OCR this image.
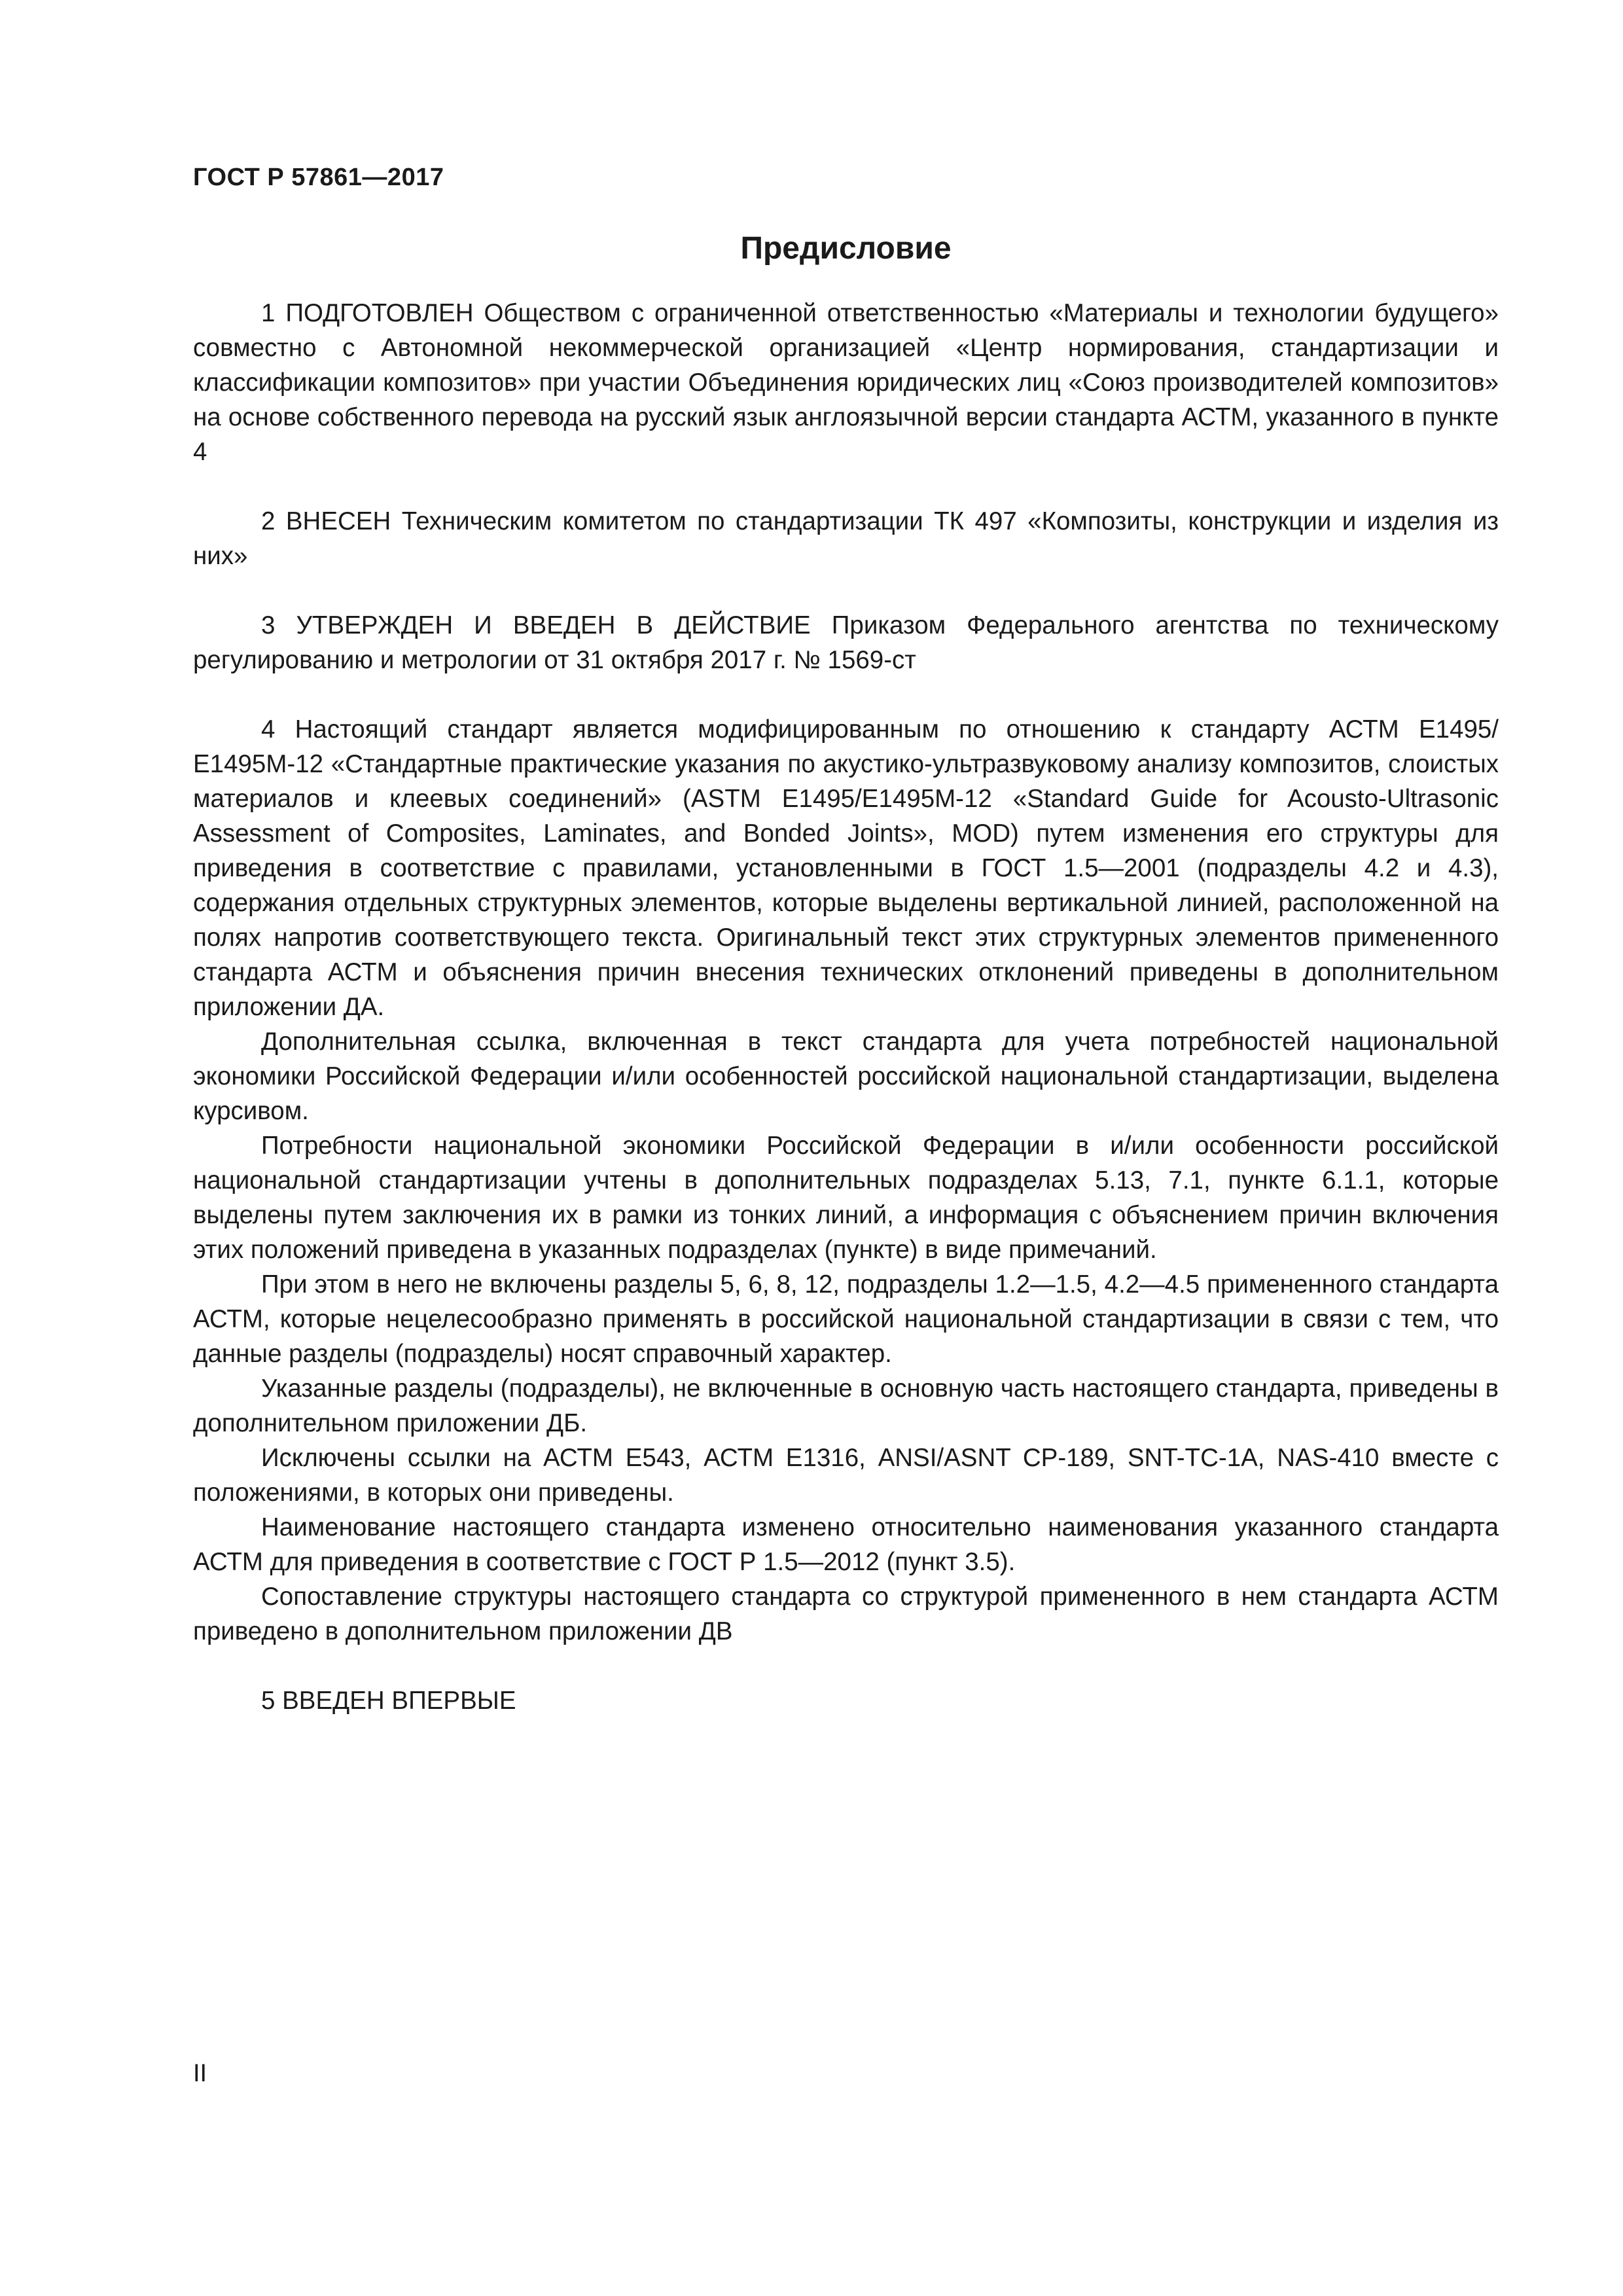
ГОСТ Р 57861—2017
Предисловие

1 ПОДГОТОВЛЕН Обществом с ограниченной ответственностью «Материалы и технологии будущего» совместно с Автономной некоммерческой организацией «Центр нормирования, стандартизации и классификации композитов» при участии Объединения юридических лиц «Союз производителей композитов» на основе собственного перевода на русский язык англоязычной версии стандарта АСТМ, указанного в пункте 4

2 ВНЕСЕН Техническим комитетом по стандартизации ТК 497 «Композиты, конструкции и изделия из них»

3 УТВЕРЖДЕН И ВВЕДЕН В ДЕЙСТВИЕ Приказом Федерального агентства по техническому регулированию и метрологии от 31 октября 2017 г. № 1569-ст

4 Настоящий стандарт является модифицированным по отношению к стандарту АСТМ Е1495/Е1495М-12 «Стандартные практические указания по акустико-ультразвуковому анализу композитов, слоистых материалов и клеевых соединений» (ASTM E1495/E1495M-12 «Standard Guide for Acousto-Ultrasonic Assessment of Composites, Laminates, and Bonded Joints», MOD) путем изменения его структуры для приведения в соответствие с правилами, установленными в ГОСТ 1.5—2001 (подразделы 4.2 и 4.3), содержания отдельных структурных элементов, которые выделены вертикальной линией, расположенной на полях напротив соответствующего текста. Оригинальный текст этих структурных элементов примененного стандарта АСТМ и объяснения причин внесения технических отклонений приведены в дополнительном приложении ДА.

Дополнительная ссылка, включенная в текст стандарта для учета потребностей национальной экономики Российской Федерации и/или особенностей российской национальной стандартизации, выделена курсивом.

Потребности национальной экономики Российской Федерации в и/или особенности российской национальной стандартизации учтены в дополнительных подразделах 5.13, 7.1, пункте 6.1.1, которые выделены путем заключения их в рамки из тонких линий, а информация с объяснением причин включения этих положений приведена в указанных подразделах (пункте) в виде примечаний.

При этом в него не включены разделы 5, 6, 8, 12, подразделы 1.2—1.5, 4.2—4.5 примененного стандарта АСТМ, которые нецелесообразно применять в российской национальной стандартизации в связи с тем, что данные разделы (подразделы) носят справочный характер.

Указанные разделы (подразделы), не включенные в основную часть настоящего стандарта, приведены в дополнительном приложении ДБ.

Исключены ссылки на АСТМ Е543, АСТМ Е1316, ANSI/ASNT CP-189, SNT-TC-1A, NAS-410 вместе с положениями, в которых они приведены.

Наименование настоящего стандарта изменено относительно наименования указанного стандарта АСТМ для приведения в соответствие с ГОСТ Р 1.5—2012 (пункт 3.5).

Сопоставление структуры настоящего стандарта со структурой примененного в нем стандарта АСТМ приведено в дополнительном приложении ДВ

5 ВВЕДЕН ВПЕРВЫЕ

II
